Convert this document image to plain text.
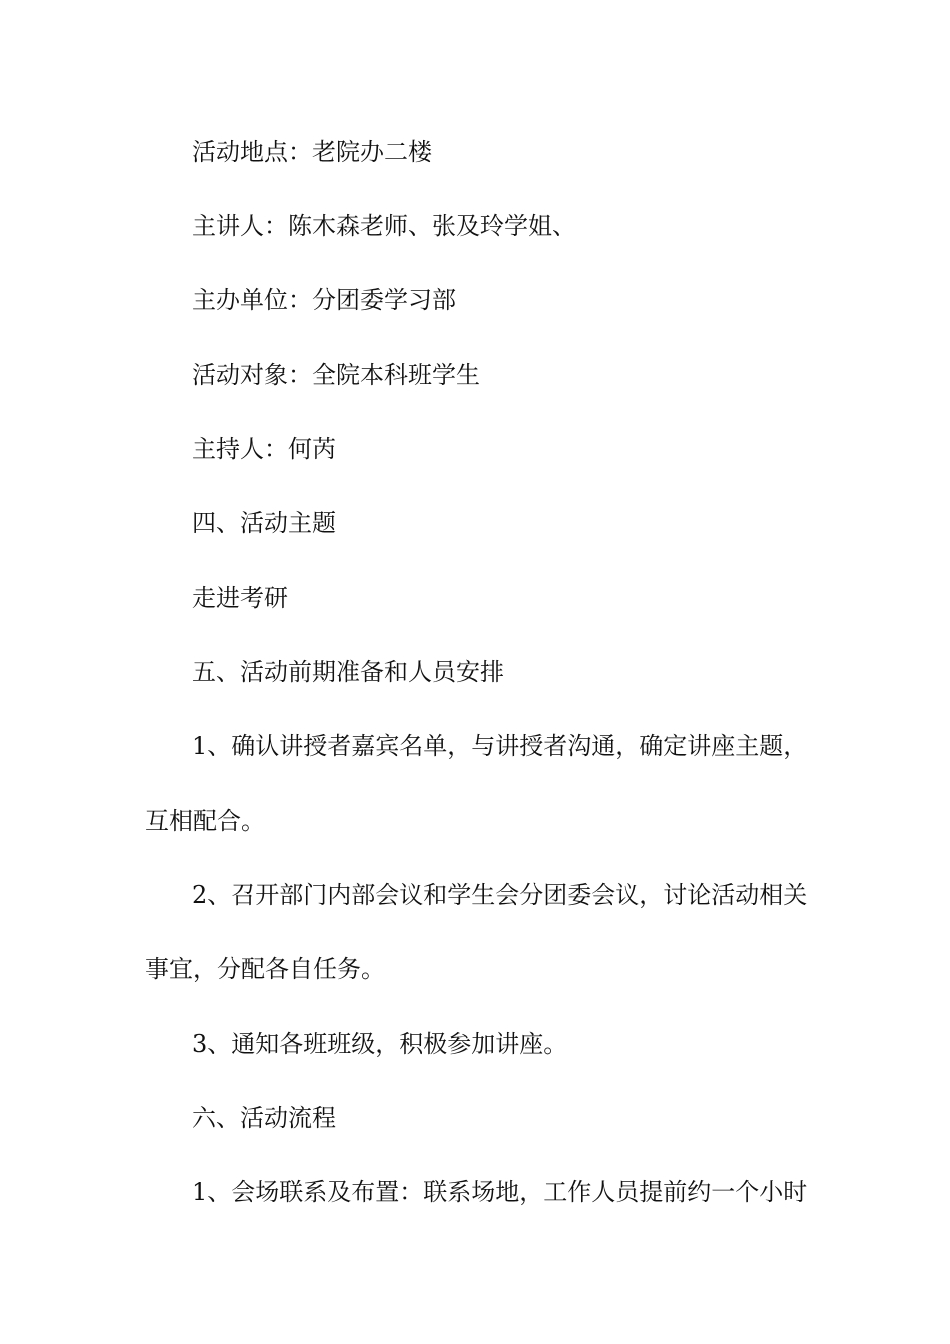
活动地点：老院办二楼
主讲人：陈木森老师、张及玲学姐、
主办单位：分团委学习部
活动对象：全院本科班学生
主持人：何芮
四、活动主题
走进考研
五、活动前期准备和人员安排
1、确认讲授者嘉宾名单，与讲授者沟通，确定讲座主题，
互相配合。
2、召开部门内部会议和学生会分团委会议，讨论活动相关
事宜，分配各自任务。
3、通知各班班级，积极参加讲座。
六、活动流程
1、会场联系及布置：联系场地，工作人员提前约一个小时
